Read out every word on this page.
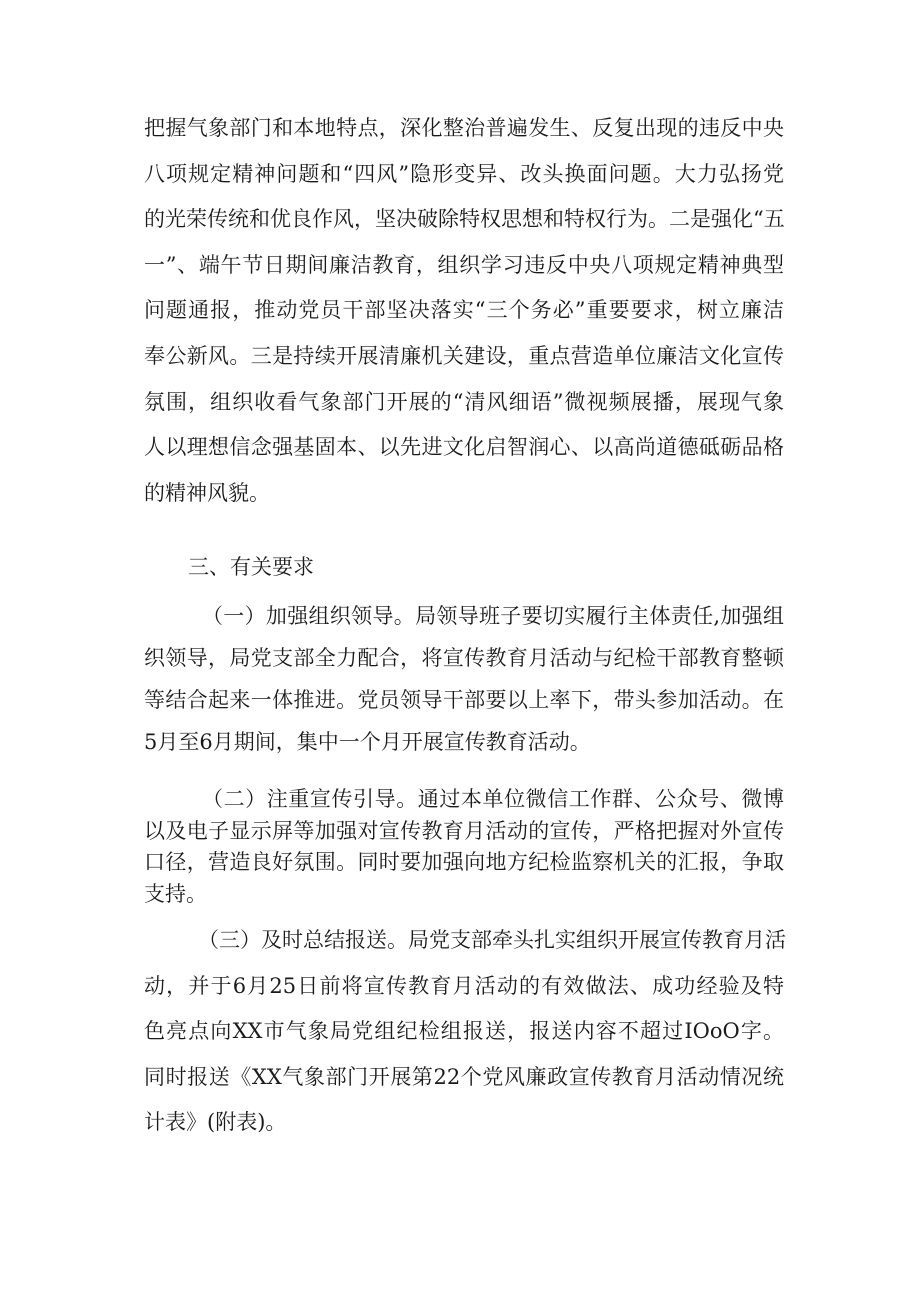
把握气象部门和本地特点，深化整治普遍发生、反复出现的违反中央
八项规定精神问题和“四风”隐形变异、改头换面问题。大力弘扬党
的光荣传统和优良作风，坚决破除特权思想和特权行为。二是强化“五
一”、端午节日期间廉洁教育，组织学习违反中央八项规定精神典型
问题通报，推动党员干部坚决落实“三个务必”重要要求，树立廉洁
奉公新风。三是持续开展清廉机关建设，重点营造单位廉洁文化宣传
氛围，组织收看气象部门开展的“清风细语”微视频展播，展现气象
人以理想信念强基固本、以先进文化启智润心、以高尚道德砥砺品格
的精神风貌。
三、有关要求
（一）加强组织领导。局领导班子要切实履行主体责任,加强组
织领导，局党支部全力配合，将宣传教育月活动与纪检干部教育整顿
等结合起来一体推进。党员领导干部要以上率下，带头参加活动。在
5月至6月期间，集中一个月开展宣传教育活动。
（二）注重宣传引导。通过本单位微信工作群、公众号、微博
以及电子显示屏等加强对宣传教育月活动的宣传，严格把握对外宣传
口径，营造良好氛围。同时要加强向地方纪检监察机关的汇报，争取
支持。
（三）及时总结报送。局党支部牵头扎实组织开展宣传教育月活
动，并于6月25日前将宣传教育月活动的有效做法、成功经验及特
色亮点向XX市气象局党组纪检组报送，报送内容不超过IOoO字。
同时报送《XX气象部门开展第22个党风廉政宣传教育月活动情况统
计表》(附表)。
